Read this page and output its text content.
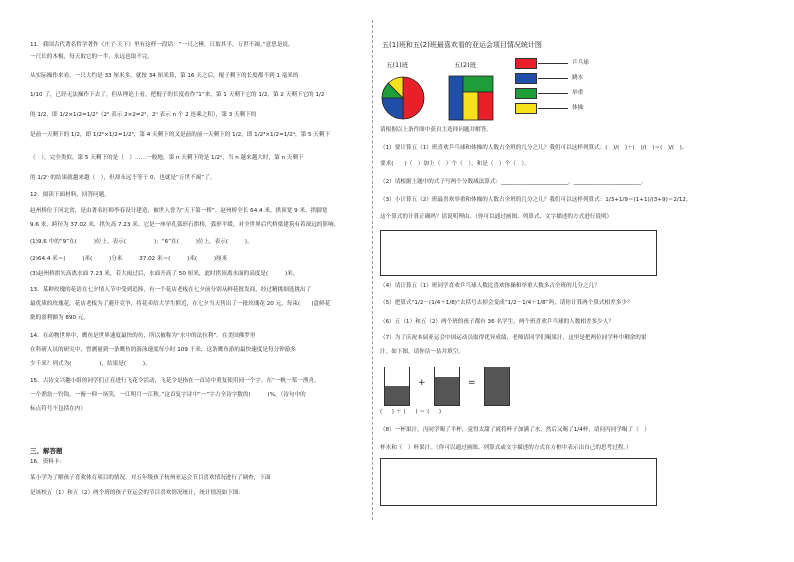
11．我国古代著名哲学著作《庄子·天下》里有这样一段话：“一尺之棰，日取其半，万世不竭。”意思是说，
一尺长的木棍，每天取它的一半，永远也取不完。
从实际操作来看，一尺大约是 33 厘米多，就按 34 厘米算，第 16 天之后，棍子剩下的长度都不到 1 毫米的
1/10 了，已经无法操作下去了。但从理论上看，把棍子的长度看作“1”来，第 1 天剩下它的 1/2，第 2 天剩下它的 1/2
的 1/2，即 1/2×1/2=1/2²（2² 表示 2×2=2²，2ⁿ 表示 n 个 2 连乘之积），第 3 天剩下的
是前一天剩下的 1/2，即 1/2²×1/2=1/2³，第 4 天剩下的又是前的前一天剩下的 1/2，即 1/2³×1/2=1/2⁴，第 5 天剩下
（　），完全类似，第 5 天剩下的是（　）……一般地，第 n 天剩下的是 1/2ⁿ，当 n 越来越大时，第 n 天剩下
的 1/2ⁿ 的结果就越来越（　），但却永远不等于 0，也就是“万世不竭”了。
12．阅读下面材料，回答问题。
赵州桥位于河北省，是由著名匠师李春设计建造，被世人誉为“天下第一桥”。赵州桥全长 64.4 米，拱顶宽 9 米，拱脚宽
9.6 米，跨径为 37.02 米，拱矢高 7.23 米。它是一座单孔弧形石拱桥，弧形平缓，对全世界后代桥梁建筑有着深远的影响。
(1)9.6 中的“9”在(　　　)位上，表示(　　　　　)；“6”在(　　　)位上，表示(　　　)。
(2)64.4 米＝(　　　)米(　　　)分米　　　37.02 米＝(　　　)米(　　　)厘米
(3)赵州桥拱矢高离水面 7.23 米，若大雨过后，水面升高了 50 厘米，此时拱顶离水面的高度是(　　　)米。
13．某种玫瑰的花语在七夕情人节中受到追捧，有一个花店老板在七夕前分别从鲜花批发商，经过精挑细选挑出了
最优质的玫瑰花，花店老板为了避开竞争，将花卖给大学生附近，在七夕当天售出了一批玫瑰花 20 元，每束(　　)盒鲜花
批的盈利额为 890 元。
14．在动物世界中，鹰鱼是世界速度最快的鱼，所以被称为“水中的法拉利”。在美国佛罗里
在科研人员的研究中，曾测量到一条鹰鱼的游泳速度每小时 109 千米，这条鹰鱼游的最快速度是每分钟游多
少千米？列式为(　　　　　)，结果是(　　　)。
15．古诗文兴趣小组的同学们正在进行飞花令活动，飞花令是指在一首诗中重复使用同一个字。在“一帆一桨一渔舟，
一个渔翁一钓钩，一俯一仰一场笑，一江明月一江秋。”这首复字诗中“一”字占全诗字数的(　　　)%。（诗句中的
标点符号不包括在内）
三、解答题
16．资料卡：
某小学为了解孩子喜欢体育项目的情况，对五年级孩子杭州亚运会节目喜欢情况进行了调查，下面
是该校五（1）和五（2）两个班的孩子亚运会的节目喜欢情况统计，统计情况如下图：
五(1)班和五(2)班最喜欢看的亚运会项目情况统计图
五(1)班	五(2)班	乒乓球
跳水
举重
体操
请根据以上条件图中获自主选择问题并解答。
（1）要计算五（1）班喜欢乒乓球和体操的人数占全班的几分之几？我们可以这样列算式：(　)/(　)＋(　)/(　)＝(　)/(　)。
要求(　　)（　）加上（　）个（　），和是（　）个（　）。
（2）请根据上题中的式子写两个分数减法算式：________________________，________________________。
（3）小计算五（2）班最喜欢举重和体操的人数占全班的几分之几？我们可以这样列算式：1/3+1/9＝(1+1)/(3+9)＝2/12，
这个算式的计算正确吗？请说明理由。（你可以通过画图、列算式、文字描述的方式进行说明）
（4）请计算五（1）班同学喜欢乒乓球人数比喜欢体操和举重人数多占全班的几分之几？
（5）把算式“1/2－(1/4＋1/8)”去括号去掉会变成“1/2－1/4＋1/8”吗，请你计算两个算式相差多少？
（6）五（1）和五（2）两个班的孩子都有 36 名学生，两个班喜欢乒乓球的人数相差多少人？
（7）为了庆祝本届亚运会中国运动员取得优异成绩，老师请同学们喝果汁，这里是把两位同学杯中剩余的果
汁。如下图，请你估一估并填空。
+	=
(　)＋(　)＝(　)
（8）一杯果汁，丙同学喝了半杯，觉得太甜了就将杯子加满了水，然后又喝了1/4杯，请问丙同学喝了（　）
杯水和（　）杯果汁。（你可以通过画图、列算式或文字描述的方式在方框中表示出自己的思考过程。）
